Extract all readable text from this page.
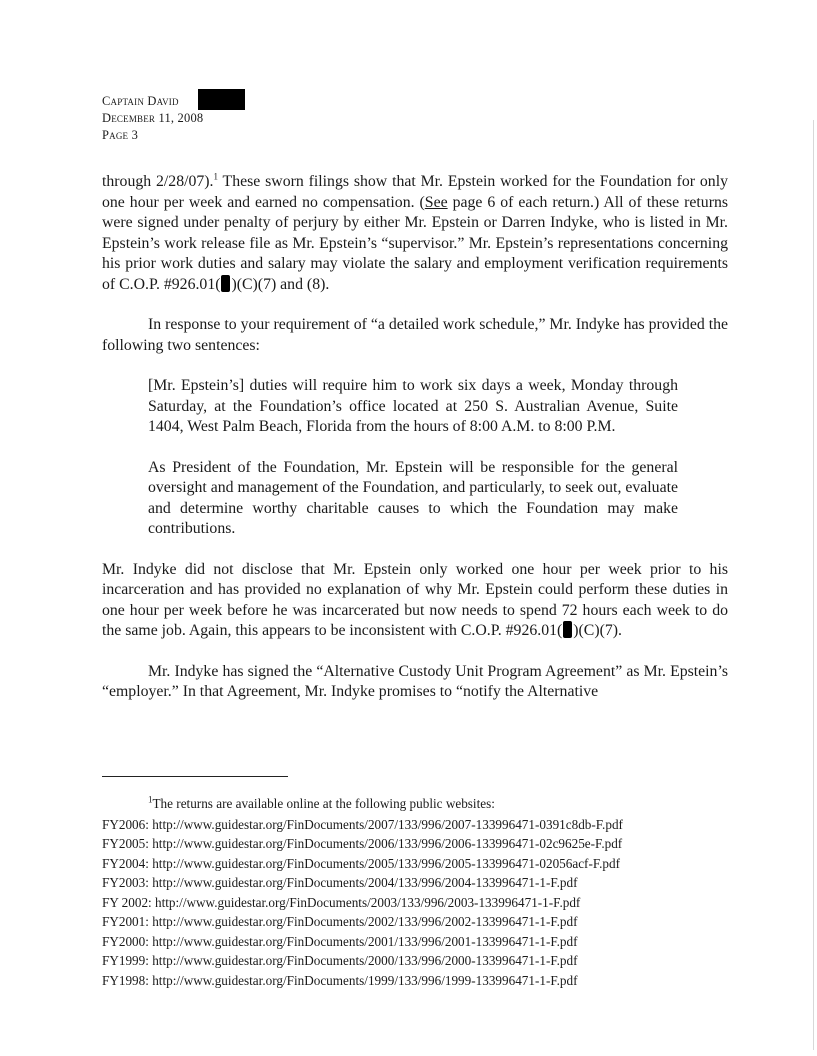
Captain David
December 11, 2008
Page 3

through 2/28/07).$^1$ These sworn filings show that Mr. Epstein worked for the Foundation for only one hour per week and earned no compensation. (See page 6 of each return.) All of these returns were signed under penalty of perjury by either Mr. Epstein or Darren Indyke, who is listed in Mr. Epstein’s work release file as Mr. Epstein’s “supervisor.” Mr. Epstein’s representations concerning his prior work duties and salary may violate the salary and employment verification requirements of C.O.P. #926.01( )(C)(7) and (8).

In response to your requirement of “a detailed work schedule,” Mr. Indyke has provided the following two sentences:

[Mr. Epstein’s] duties will require him to work six days a week, Monday through Saturday, at the Foundation’s office located at 250 S. Australian Avenue, Suite 1404, West Palm Beach, Florida from the hours of 8:00 A.M. to 8:00 P.M.

As President of the Foundation, Mr. Epstein will be responsible for the general oversight and management of the Foundation, and particularly, to seek out, evaluate and determine worthy charitable causes to which the Foundation may make contributions.

Mr. Indyke did not disclose that Mr. Epstein only worked one hour per week prior to his incarceration and has provided no explanation of why Mr. Epstein could perform these duties in one hour per week before he was incarcerated but now needs to spend 72 hours each week to do the same job. Again, this appears to be inconsistent with C.O.P. #926.01( )(C)(7).

Mr. Indyke has signed the “Alternative Custody Unit Program Agreement” as Mr. Epstein’s “employer.” In that Agreement, Mr. Indyke promises to “notify the Alternative

$^1$The returns are available online at the following public websites:

FY2006: http://www.guidestar.org/FinDocuments/2007/133/996/2007-133996471-0391c8db-F.pdf

FY2005: http://www.guidestar.org/FinDocuments/2006/133/996/2006-133996471-02c9625e-F.pdf

FY2004: http://www.guidestar.org/FinDocuments/2005/133/996/2005-133996471-02056acf-F.pdf

FY2003: http://www.guidestar.org/FinDocuments/2004/133/996/2004-133996471-1-F.pdf

FY 2002: http://www.guidestar.org/FinDocuments/2003/133/996/2003-133996471-1-F.pdf

FY2001: http://www.guidestar.org/FinDocuments/2002/133/996/2002-133996471-1-F.pdf

FY2000: http://www.guidestar.org/FinDocuments/2001/133/996/2001-133996471-1-F.pdf

FY1999: http://www.guidestar.org/FinDocuments/2000/133/996/2000-133996471-1-F.pdf

FY1998: http://www.guidestar.org/FinDocuments/1999/133/996/1999-133996471-1-F.pdf
